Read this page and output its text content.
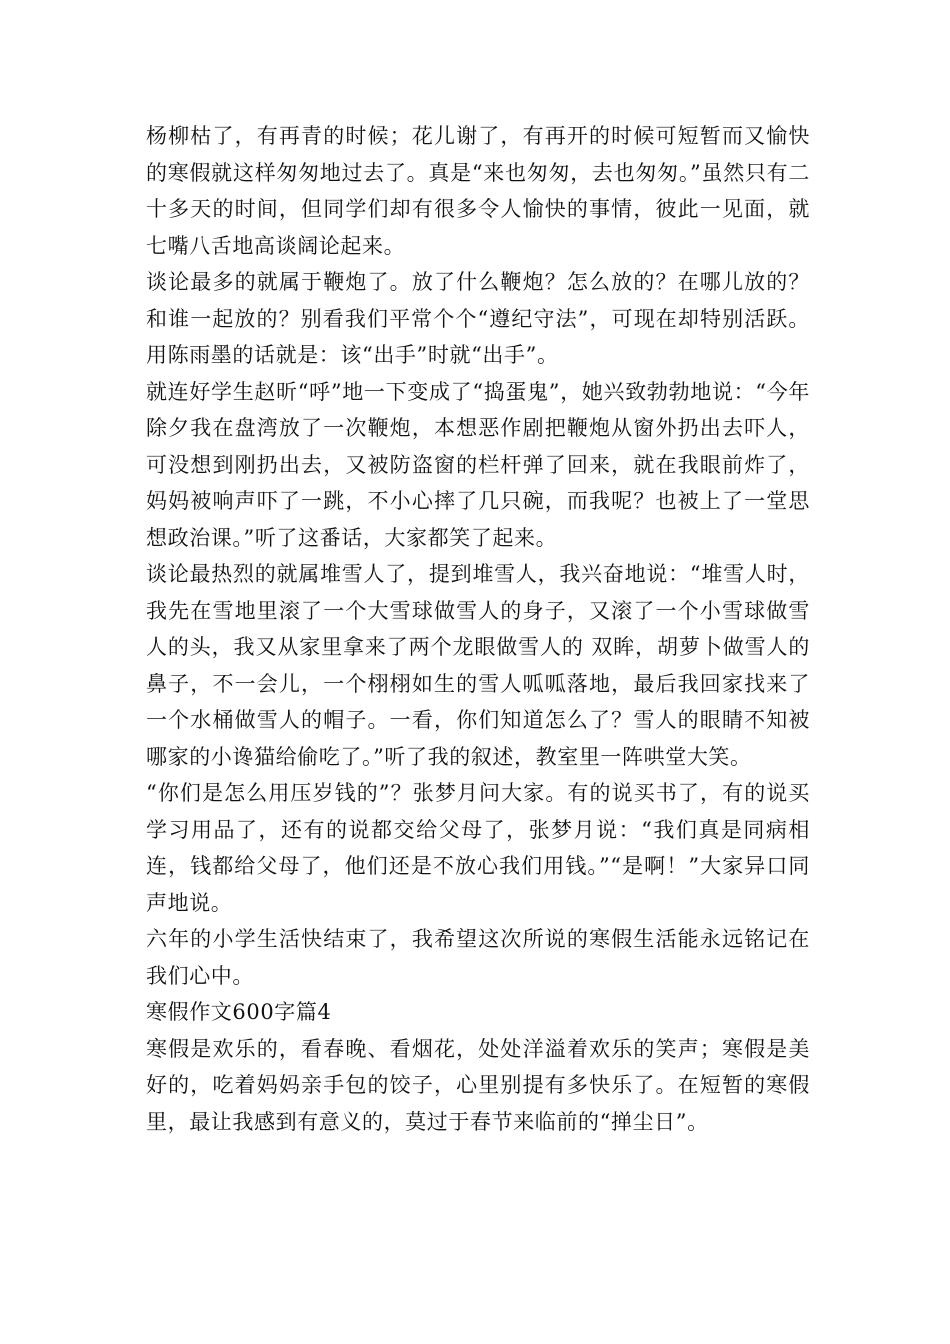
杨柳枯了，有再青的时候；花儿谢了，有再开的时候可短暂而又愉快的寒假就这样匆匆地过去了。真是“来也匆匆，去也匆匆。”虽然只有二十多天的时间，但同学们却有很多令人愉快的事情，彼此一见面，就七嘴八舌地高谈阔论起来。

谈论最多的就属于鞭炮了。放了什么鞭炮？怎么放的？在哪儿放的？和谁一起放的？别看我们平常个个“遵纪守法”，可现在却特别活跃。用陈雨墨的话就是：该“出手”时就“出手”。

就连好学生赵昕“呼”地一下变成了“捣蛋鬼”，她兴致勃勃地说：“今年除夕我在盘湾放了一次鞭炮，本想恶作剧把鞭炮从窗外扔出去吓人，可没想到刚扔出去，又被防盗窗的栏杆弹了回来，就在我眼前炸了，妈妈被响声吓了一跳，不小心摔了几只碗，而我呢？也被上了一堂思想政治课。”听了这番话，大家都笑了起来。

谈论最热烈的就属堆雪人了，提到堆雪人，我兴奋地说：“堆雪人时，我先在雪地里滚了一个大雪球做雪人的身子，又滚了一个小雪球做雪人的头，我又从家里拿来了两个龙眼做雪人的 双眸，胡萝卜做雪人的鼻子，不一会儿，一个栩栩如生的雪人呱呱落地，最后我回家找来了一个水桶做雪人的帽子。一看，你们知道怎么了？雪人的眼睛不知被哪家的小谗猫给偷吃了。”听了我的叙述，教室里一阵哄堂大笑。

“你们是怎么用压岁钱的”？张梦月问大家。有的说买书了，有的说买学习用品了，还有的说都交给父母了，张梦月说：“我们真是同病相连，钱都给父母了，他们还是不放心我们用钱。”“是啊！”大家异口同声地说。

六年的小学生活快结束了，我希望这次所说的寒假生活能永远铭记在我们心中。

寒假作文600字篇4

寒假是欢乐的，看春晚、看烟花，处处洋溢着欢乐的笑声；寒假是美好的，吃着妈妈亲手包的饺子，心里别提有多快乐了。在短暂的寒假里，最让我感到有意义的，莫过于春节来临前的“掸尘日”。
